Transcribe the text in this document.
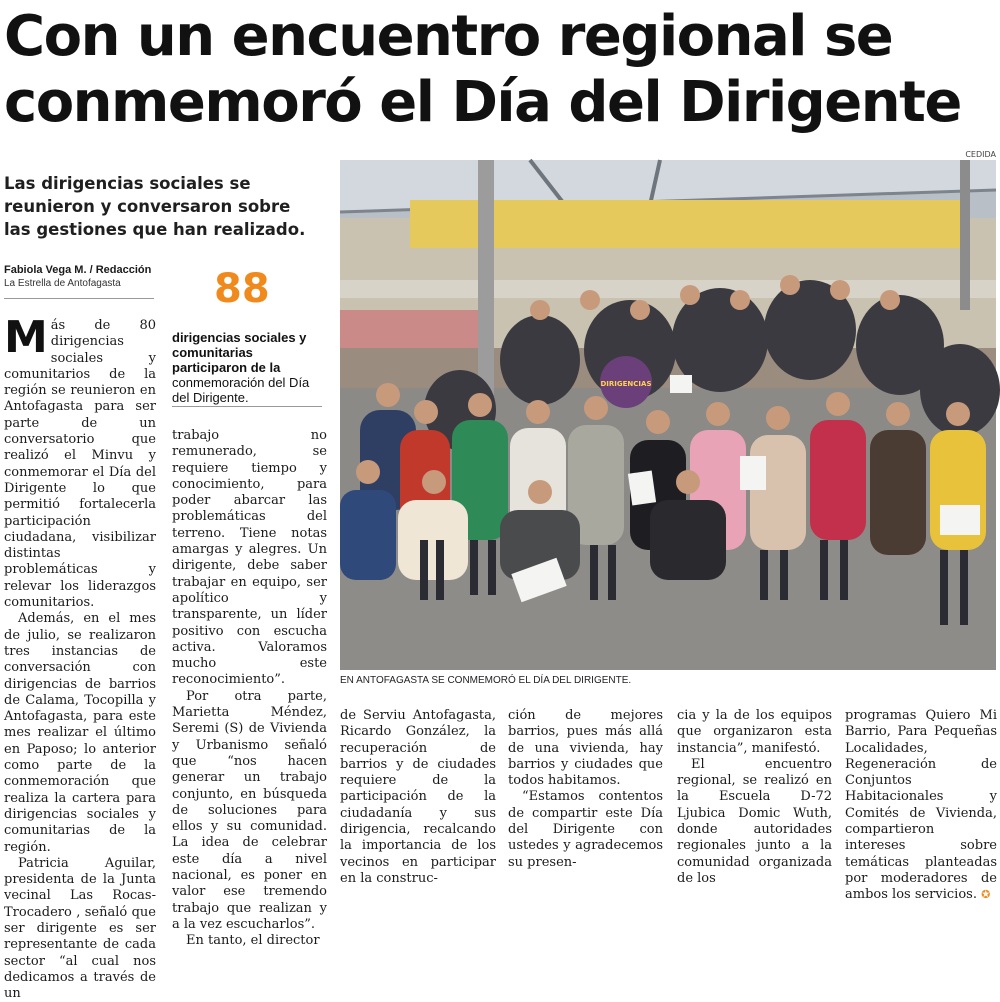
Con un encuentro regional se conmemoró el Día del Dirigente
CEDIDA
Las dirigencias sociales se reunieron y conversaron sobre las gestiones que han realizado.
Fabiola Vega M. / Redacción
La Estrella de Antofagasta	88
dirigencias sociales y comunitarias participaron de la conmemoración del Día del Dirigente.
DIRIGENCIAS
EN ANTOFAGASTA SE CONMEMORÓ EL DÍA DEL DIRIGENTE.

Más de 80 dirigencias sociales y comunitarios de la región se reunieron en Antofagasta para ser parte de un conversatorio que realizó el Minvu y conmemorar el Día del Dirigente lo que permitió fortalecerla participación ciudadana, visibilizar distintas problemáticas y relevar los liderazgos comunitarios.

Además, en el mes de julio, se realizaron tres instancias de conversación con dirigencias de barrios de Calama, Tocopilla y Antofagasta, para este mes realizar el último en Paposo; lo anterior como parte de la conmemoración que realiza la cartera para dirigencias sociales y comunitarias de la región.

Patricia Aguilar, presidenta de la Junta vecinal Las Rocas-Trocadero , señaló que ser dirigente es ser representante de cada sector “al cual nos dedicamos a través de un

trabajo no remunerado, se requiere tiempo y conocimiento, para poder abarcar las problemáticas del terreno. Tiene notas amargas y alegres. Un dirigente, debe saber trabajar en equipo, ser apolítico y transparente, un líder positivo con escucha activa. Valoramos mucho este reconocimiento”.

Por otra parte, Marietta Méndez, Seremi (S) de Vivienda y Urbanismo señaló que “nos hacen generar un trabajo conjunto, en búsqueda de soluciones para ellos y su comunidad. La idea de celebrar este día a nivel nacional, es poner en valor ese tremendo trabajo que realizan y a la vez escucharlos”.

En tanto, el director

de Serviu Antofagasta, Ricardo González, la recuperación de barrios y de ciudades requiere de la participación de la ciudadanía y sus dirigencia, recalcando la importancia de los vecinos en participar en la construc-

ción de mejores barrios, pues más allá de una vivienda, hay barrios y ciudades que todos habitamos.

“Estamos contentos de compartir este Día del Dirigente con ustedes y agradecemos su presen-

cia y la de los equipos que organizaron esta instancia”, manifestó.

El encuentro regional, se realizó en la Escuela D-72 Ljubica Domic Wuth, donde autoridades regionales junto a la comunidad organizada de los

programas Quiero Mi Barrio, Para Pequeñas Localidades, Regeneración de Conjuntos Habitacionales y Comités de Vivienda, compartieron intereses sobre temáticas planteadas por moderadores de ambos los servicios. ✪
